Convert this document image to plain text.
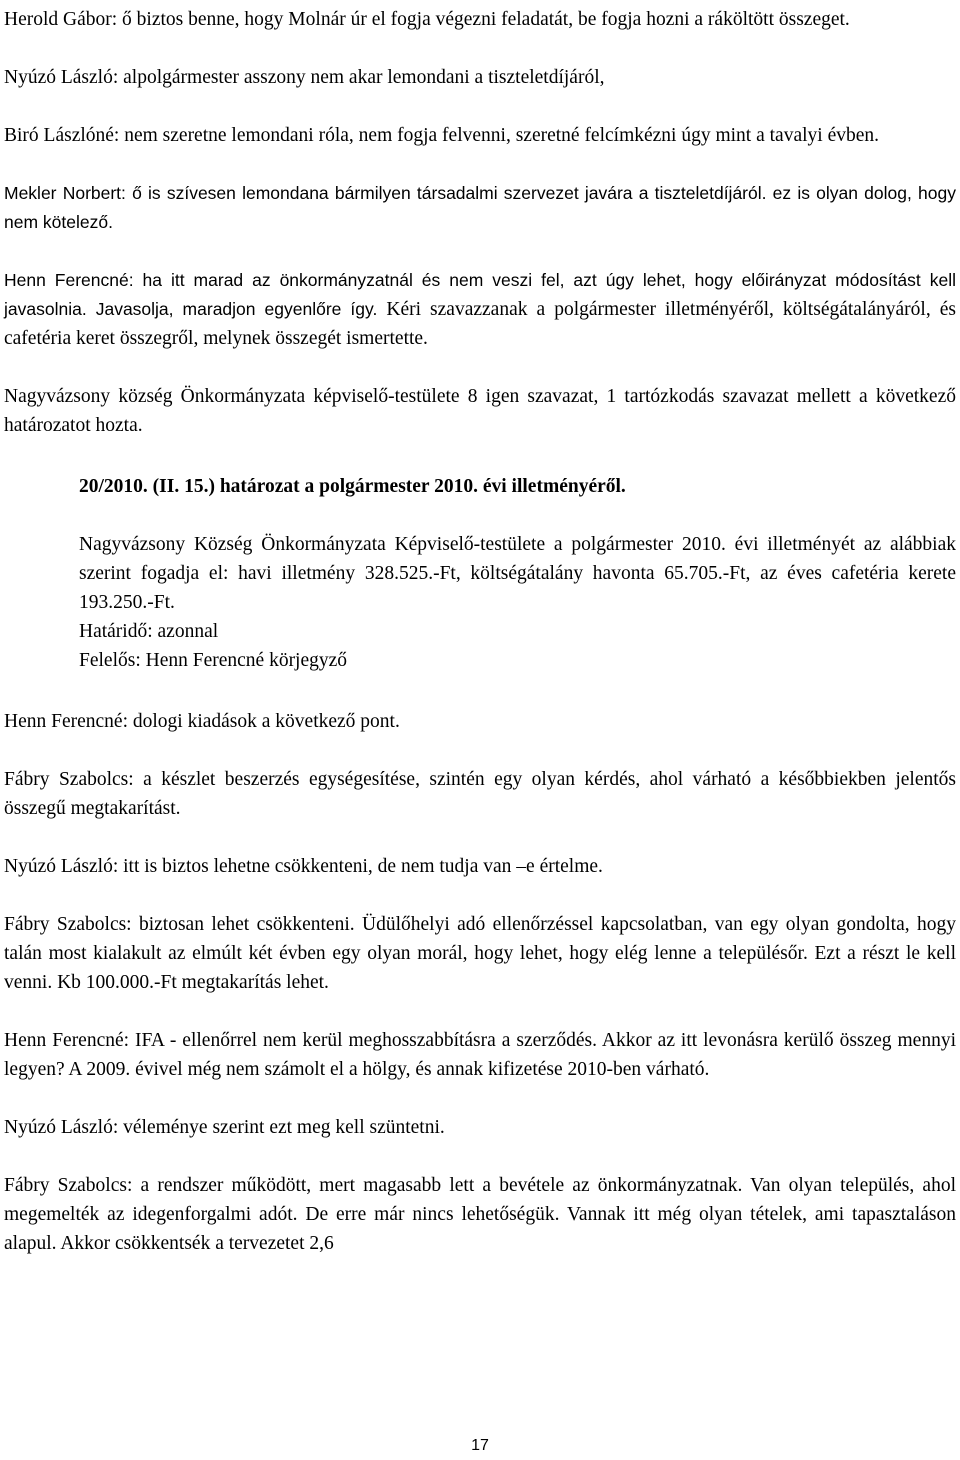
Herold Gábor: ő biztos benne, hogy Molnár úr el fogja végezni feladatát, be fogja hozni a ráköltött összeget.

Nyúzó László: alpolgármester asszony nem akar lemondani a tiszteletdíjáról,

Biró Lászlóné: nem szeretne lemondani róla, nem fogja felvenni, szeretné felcímkézni úgy mint a tavalyi évben.

Mekler Norbert: ő is szívesen lemondana bármilyen társadalmi szervezet javára a tiszteletdíjáról. ez is olyan dolog, hogy nem kötelező.

Henn Ferencné: ha itt marad az önkormányzatnál és nem veszi fel, azt úgy lehet, hogy előirányzat módosítást kell javasolnia. Javasolja, maradjon egyenlőre így. Kéri szavazzanak a polgármester illetményéről, költségátalányáról, és cafetéria keret összegről, melynek összegét ismertette.

Nagyvázsony község Önkormányzata képviselő-testülete 8 igen szavazat, 1 tartózkodás szavazat mellett a következő határozatot hozta.

20/2010. (II. 15.) határozat a polgármester 2010. évi illetményéről.

Nagyvázsony Község Önkormányzata Képviselő-testülete a polgármester 2010. évi illetményét az alábbiak szerint fogadja el: havi illetmény 328.525.-Ft, költségátalány havonta 65.705.-Ft, az éves cafetéria kerete 193.250.-Ft.
Határidő: azonnal
Felelős: Henn Ferencné körjegyző

Henn Ferencné: dologi kiadások a következő pont.

Fábry Szabolcs: a készlet beszerzés egységesítése, szintén egy olyan kérdés, ahol várható a későbbiekben jelentős összegű megtakarítást.

Nyúzó László: itt is biztos lehetne csökkenteni, de nem tudja van –e értelme.

Fábry Szabolcs: biztosan lehet csökkenteni. Üdülőhelyi adó ellenőrzéssel kapcsolatban, van egy olyan gondolta, hogy talán most kialakult az elmúlt két évben egy olyan morál, hogy lehet, hogy elég lenne a településőr. Ezt a részt le kell venni. Kb 100.000.-Ft megtakarítás lehet.

Henn Ferencné: IFA - ellenőrrel nem kerül meghosszabbításra a szerződés. Akkor az itt levonásra kerülő összeg mennyi legyen? A 2009. évivel még nem számolt el a hölgy, és annak kifizetése 2010-ben várható.

Nyúzó László: véleménye szerint ezt meg kell szüntetni.

Fábry Szabolcs: a rendszer működött, mert magasabb lett a bevétele az önkormányzatnak. Van olyan település, ahol megemelték az idegenforgalmi adót. De erre már nincs lehetőségük. Vannak itt még olyan tételek, ami tapasztaláson alapul. Akkor csökkentsék a tervezetet 2,6

17
